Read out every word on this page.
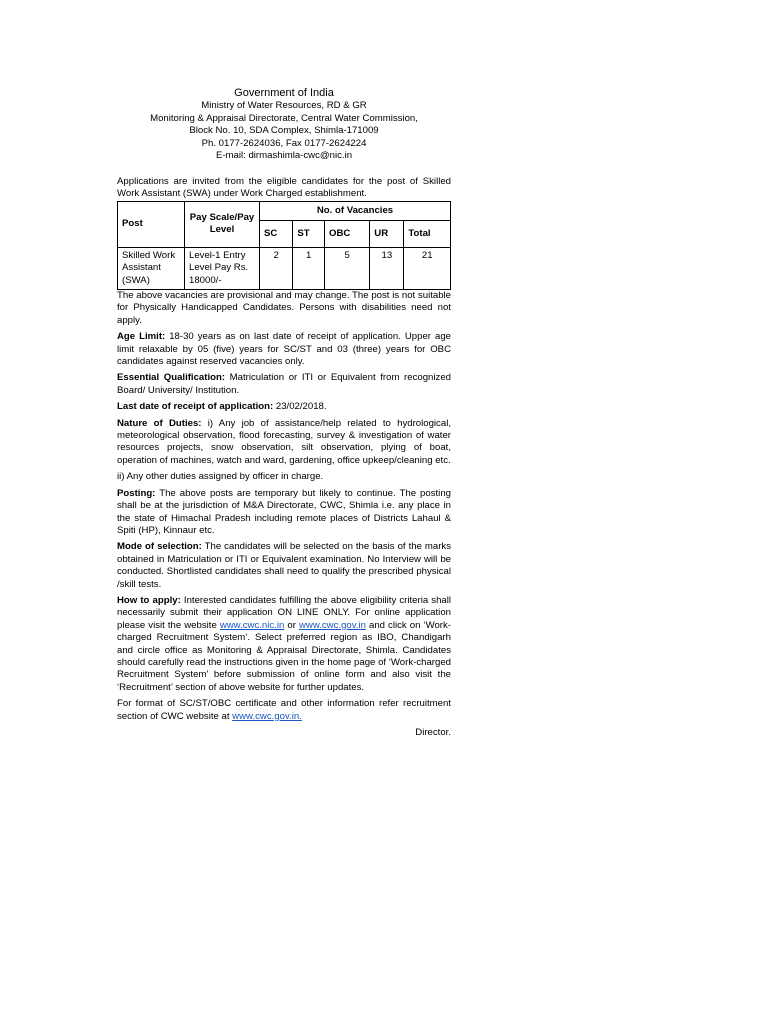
Government of India
Ministry of Water Resources, RD & GR
Monitoring & Appraisal Directorate, Central Water Commission,
Block No. 10, SDA Complex, Shimla-171009
Ph. 0177-2624036, Fax 0177-2624224
E-mail: dirmashimla-cwc@nic.in
Applications are invited from the eligible candidates for the post of Skilled Work Assistant (SWA) under Work Charged establishment.
Post	Pay Scale/Pay Level	No. of Vacancies				
		SC	ST	OBC	UR	Total
Skilled Work Assistant (SWA)	Level-1 Entry Level Pay Rs. 18000/-	2	1	5	13	21

The above vacancies are provisional and may change. The post is not suitable for Physically Handicapped Candidates. Persons with disabilities need not apply.

Age Limit: 18-30 years as on last date of receipt of application. Upper age limit relaxable by 05 (five) years for SC/ST and 03 (three) years for OBC candidates against reserved vacancies only.

Essential Qualification: Matriculation or ITI or Equivalent from recognized Board/ University/ Institution.

Last date of receipt of application: 23/02/2018.

Nature of Duties: i) Any job of assistance/help related to hydrological, meteorological observation, flood forecasting, survey & investigation of water resources projects, snow observation, silt observation, plying of boat, operation of machines, watch and ward, gardening, office upkeep/cleaning etc.

ii) Any other duties assigned by officer in charge.

Posting: The above posts are temporary but likely to continue. The posting shall be at the jurisdiction of M&A Directorate, CWC, Shimla i.e. any place in the state of Himachal Pradesh including remote places of Districts Lahaul & Spiti (HP), Kinnaur etc.

Mode of selection: The candidates will be selected on the basis of the marks obtained in Matriculation or ITI or Equivalent examination. No Interview will be conducted. Shortlisted candidates shall need to qualify the prescribed physical /skill tests.

How to apply: Interested candidates fulfilling the above eligibility criteria shall necessarily submit their application ON LINE ONLY. For online application please visit the website www.cwc.nic.in or www.cwc.gov.in and click on ‘Work-charged Recruitment System’. Select preferred region as IBO, Chandigarh and circle office as Monitoring & Appraisal Directorate, Shimla. Candidates should carefully read the instructions given in the home page of ‘Work-charged Recruitment System’ before submission of online form and also visit the ‘Recruitment’ section of above website for further updates.

For format of SC/ST/OBC certificate and other information refer recruitment section of CWC website at www.cwc.gov.in.

Director.
